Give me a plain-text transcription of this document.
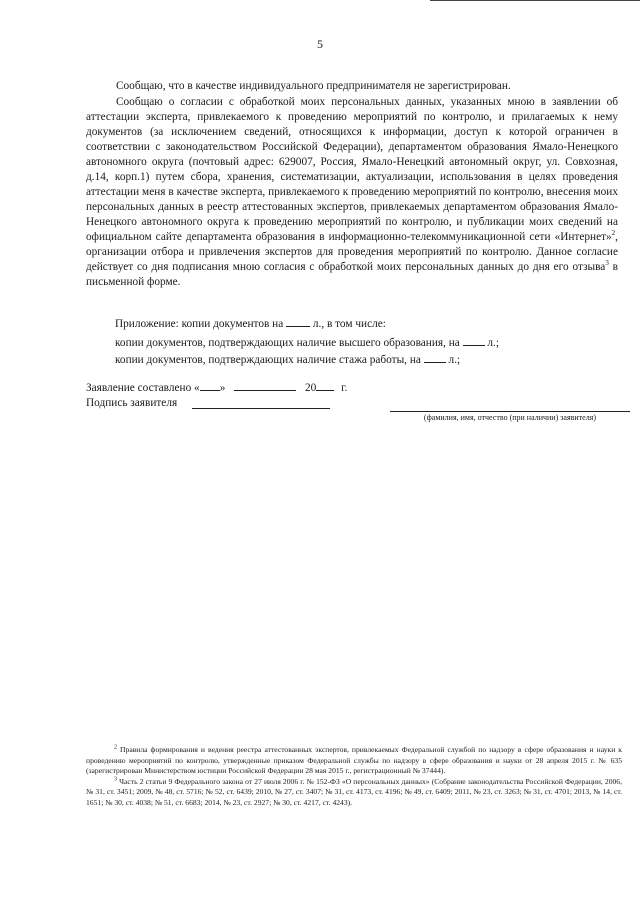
5

Сообщаю, что в качестве индивидуального предпринимателя не зарегистрирован.

Сообщаю о согласии с обработкой моих персональных данных, указанных мною в заявлении об аттестации эксперта, привлекаемого к проведению мероприятий по контролю, и прилагаемых к нему документов (за исключением сведений, относящихся к информации, доступ к которой ограничен в соответствии с законодательством Российской Федерации), департаментом образования Ямало-Ненецкого автономного округа (почтовый адрес: 629007, Россия, Ямало-Ненецкий автономный округ, ул. Совхозная, д.14, корп.1) путем сбора, хранения, систематизации, актуализации, использования в целях проведения аттестации меня в качестве эксперта, привлекаемого к проведению мероприятий по контролю, внесения моих персональных данных в реестр аттестованных экспертов, привлекаемых департаментом образования Ямало-Ненецкого автономного округа к проведению мероприятий по контролю, и публикации моих сведений на официальном сайте департамента образования в информационно-телекоммуникационной сети «Интернет»$^2$, организации отбора и привлечения экспертов для проведения мероприятий по контролю. Данное согласие действует со дня подписания мною согласия с обработкой моих персональных данных до дня его отзыва$^3$ в письменной форме.

Приложение: копии документов на	л., в том числе:
копии документов, подтверждающих наличие высшего образования, на л.;
копии документов, подтверждающих наличие стажа работы, на л.;
Заявление составлено « »	20 г.
Подпись заявителя
(фамилия, имя, отчество (при наличии) заявителя)

$^2$ Правила формирования и ведения реестра аттестованных экспертов, привлекаемых Федеральной службой по надзору в сфере образования и науки к проведению мероприятий по контролю, утвержденные приказом Федеральной службы по надзору в сфере образования и науки от 28 апреля 2015 г. № 635 (зарегистрирован Министерством юстиции Российской Федерации 28 мая 2015 г., регистрационный № 37444).

$^3$ Часть 2 статьи 9 Федерального закона от 27 июля 2006 г. № 152-ФЗ «О персональных данных» (Собрание законодательства Российской Федерации, 2006, № 31, ст. 3451; 2009, № 48, ст. 5716; № 52, ст. 6439; 2010, № 27, ст. 3407; № 31, ст. 4173, ст. 4196; № 49, ст. 6409; 2011, № 23, ст. 3263; № 31, ст. 4701; 2013, № 14, ст. 1651; № 30, ст. 4038; № 51, ст. 6683; 2014, № 23, ст. 2927; № 30, ст. 4217, ст. 4243).
